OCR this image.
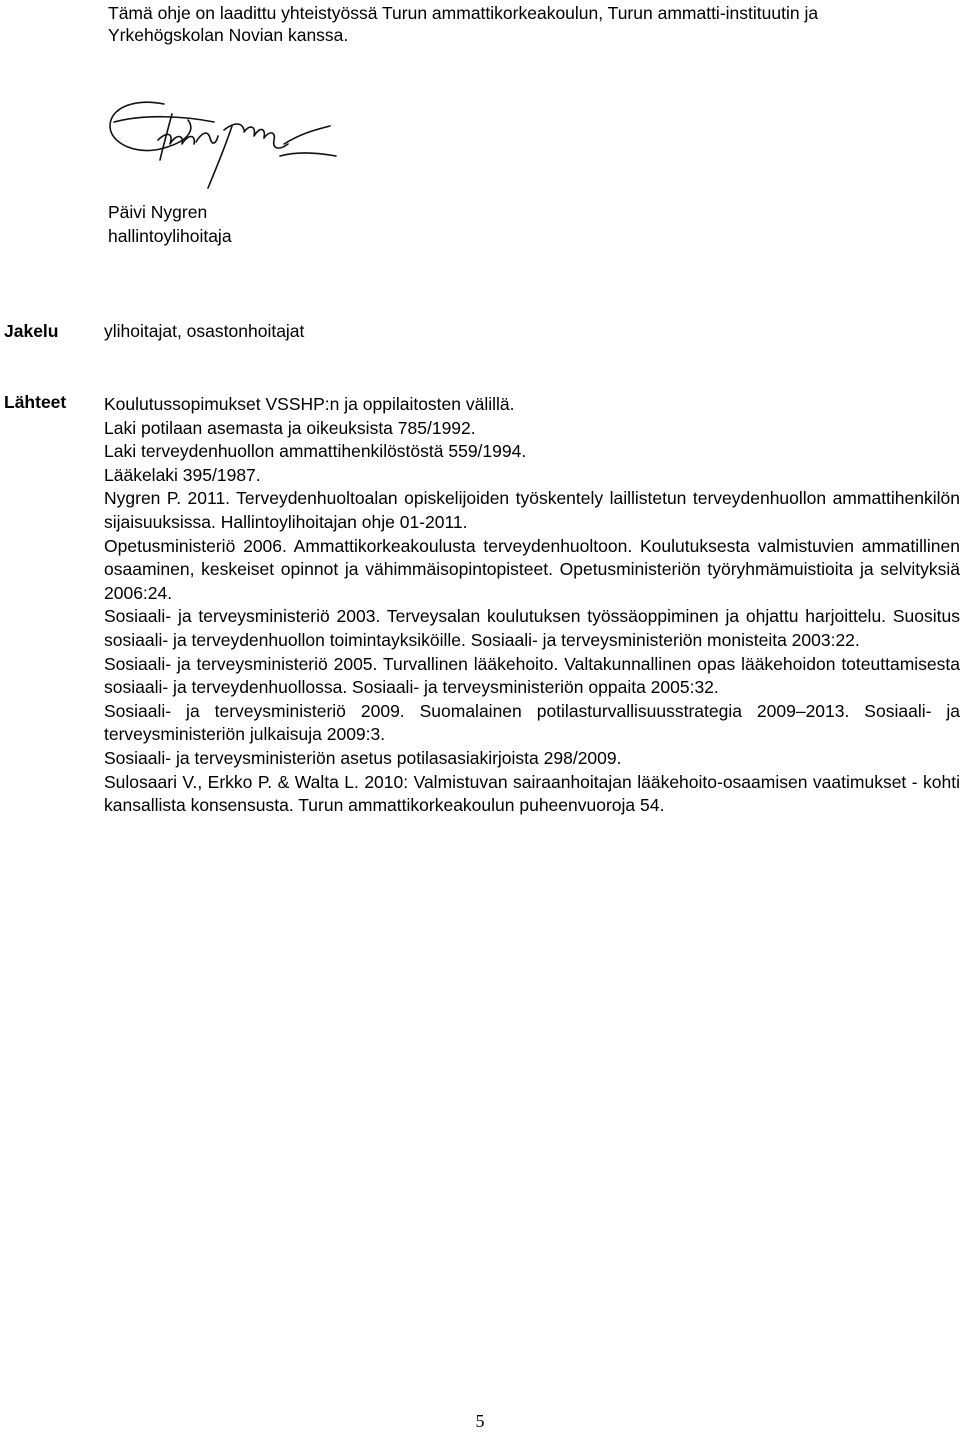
Tämä ohje on laadittu yhteistyössä Turun ammattikorkeakoulun, Turun ammatti-instituutin ja
Yrkehögskolan Novian kanssa.
Päivi Nygren
hallintoylihoitaja
Jakelu	ylihoitajat, osastonhoitajat
Lähteet Koulutussopimukset VSSHP:n ja oppilaitosten välillä.
Laki potilaan asemasta ja oikeuksista 785/1992.
Laki terveydenhuollon ammattihenkilöstöstä 559/1994.
Lääkelaki 395/1987.
Nygren P. 2011. Terveydenhuoltoalan opiskelijoiden työskentely laillistetun terveydenhuollon ammattihenkilön sijaisuuksissa. Hallintoylihoitajan ohje 01-2011.
Opetusministeriö 2006. Ammattikorkeakoulusta terveydenhuoltoon. Koulutuksesta valmistuvien ammatillinen osaaminen, keskeiset opinnot ja vähimmäisopintopisteet. Opetusministeriön työryhmämuistioita ja selvityksiä 2006:24.
Sosiaali- ja terveysministeriö 2003. Terveysalan koulutuksen työssäoppiminen ja ohjattu harjoittelu. Suositus sosiaali- ja terveydenhuollon toimintayksiköille. Sosiaali- ja terveysministeriön monisteita 2003:22.
Sosiaali- ja terveysministeriö 2005. Turvallinen lääkehoito. Valtakunnallinen opas lääkehoidon toteuttamisesta sosiaali- ja terveydenhuollossa. Sosiaali- ja terveysministeriön oppaita 2005:32.
Sosiaali- ja terveysministeriö 2009. Suomalainen potilasturvallisuusstrategia 2009–2013. Sosiaali- ja terveysministeriön julkaisuja 2009:3.
Sosiaali- ja terveysministeriön asetus potilasasiakirjoista 298/2009.
Sulosaari V., Erkko P. & Walta L. 2010: Valmistuvan sairaanhoitajan lääkehoito-osaamisen vaatimukset - kohti kansallista konsensusta. Turun ammattikorkeakoulun puheenvuoroja 54.
5
